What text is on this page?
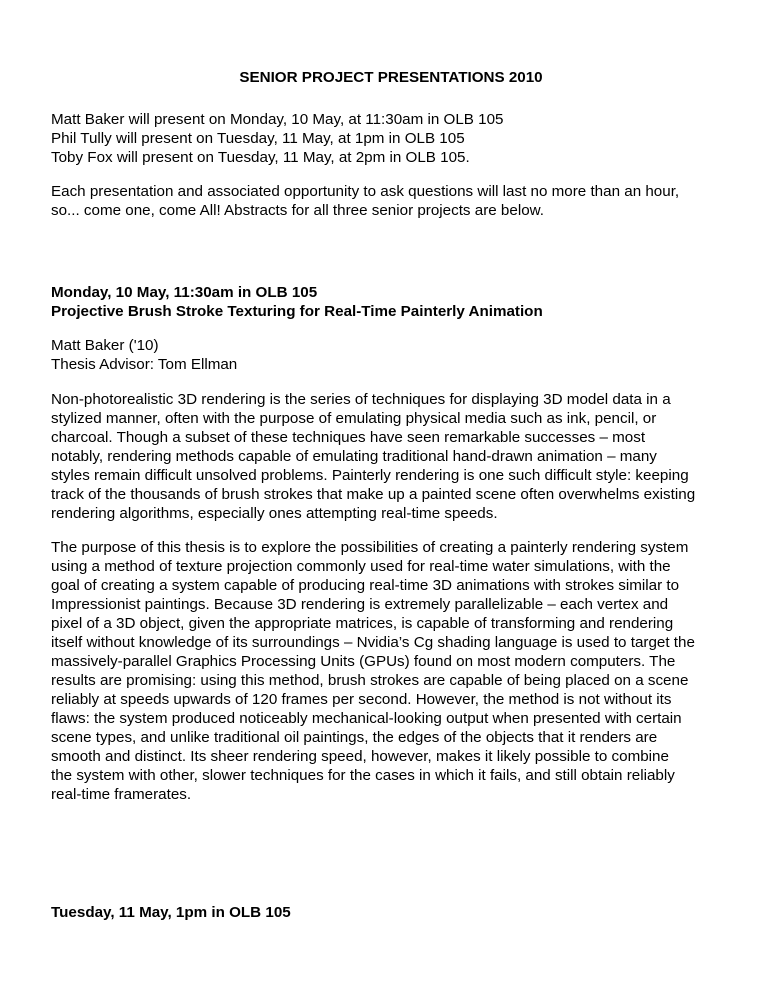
SENIOR PROJECT PRESENTATIONS 2010
Matt Baker will present on Monday, 10 May, at 11:30am in OLB 105
Phil Tully will present on Tuesday, 11 May, at 1pm in OLB 105
Toby Fox will present on Tuesday, 11 May, at 2pm in OLB 105.
Each presentation and associated opportunity to ask questions will last no more than an hour,
so... come one, come All! Abstracts for all three senior projects are below.
Monday, 10 May, 11:30am in OLB 105
Projective Brush Stroke Texturing for Real-Time Painterly Animation
Matt Baker ('10)
Thesis Advisor: Tom Ellman
Non-photorealistic 3D rendering is the series of techniques for displaying 3D model data in a
stylized manner, often with the purpose of emulating physical media such as ink, pencil, or
charcoal. Though a subset of these techniques have seen remarkable successes – most
notably, rendering methods capable of emulating traditional hand-drawn animation – many
styles remain difficult unsolved problems. Painterly rendering is one such difficult style: keeping
track of the thousands of brush strokes that make up a painted scene often overwhelms existing
rendering algorithms, especially ones attempting real-time speeds.
The purpose of this thesis is to explore the possibilities of creating a painterly rendering system
using a method of texture projection commonly used for real-time water simulations, with the
goal of creating a system capable of producing real-time 3D animations with strokes similar to
Impressionist paintings. Because 3D rendering is extremely parallelizable – each vertex and
pixel of a 3D object, given the appropriate matrices, is capable of transforming and rendering
itself without knowledge of its surroundings – Nvidia’s Cg shading language is used to target the
massively-parallel Graphics Processing Units (GPUs) found on most modern computers. The
results are promising: using this method, brush strokes are capable of being placed on a scene
reliably at speeds upwards of 120 frames per second. However, the method is not without its
flaws: the system produced noticeably mechanical-looking output when presented with certain
scene types, and unlike traditional oil paintings, the edges of the objects that it renders are
smooth and distinct. Its sheer rendering speed, however, makes it likely possible to combine
the system with other, slower techniques for the cases in which it fails, and still obtain reliably
real-time framerates.
Tuesday, 11 May, 1pm in OLB 105
